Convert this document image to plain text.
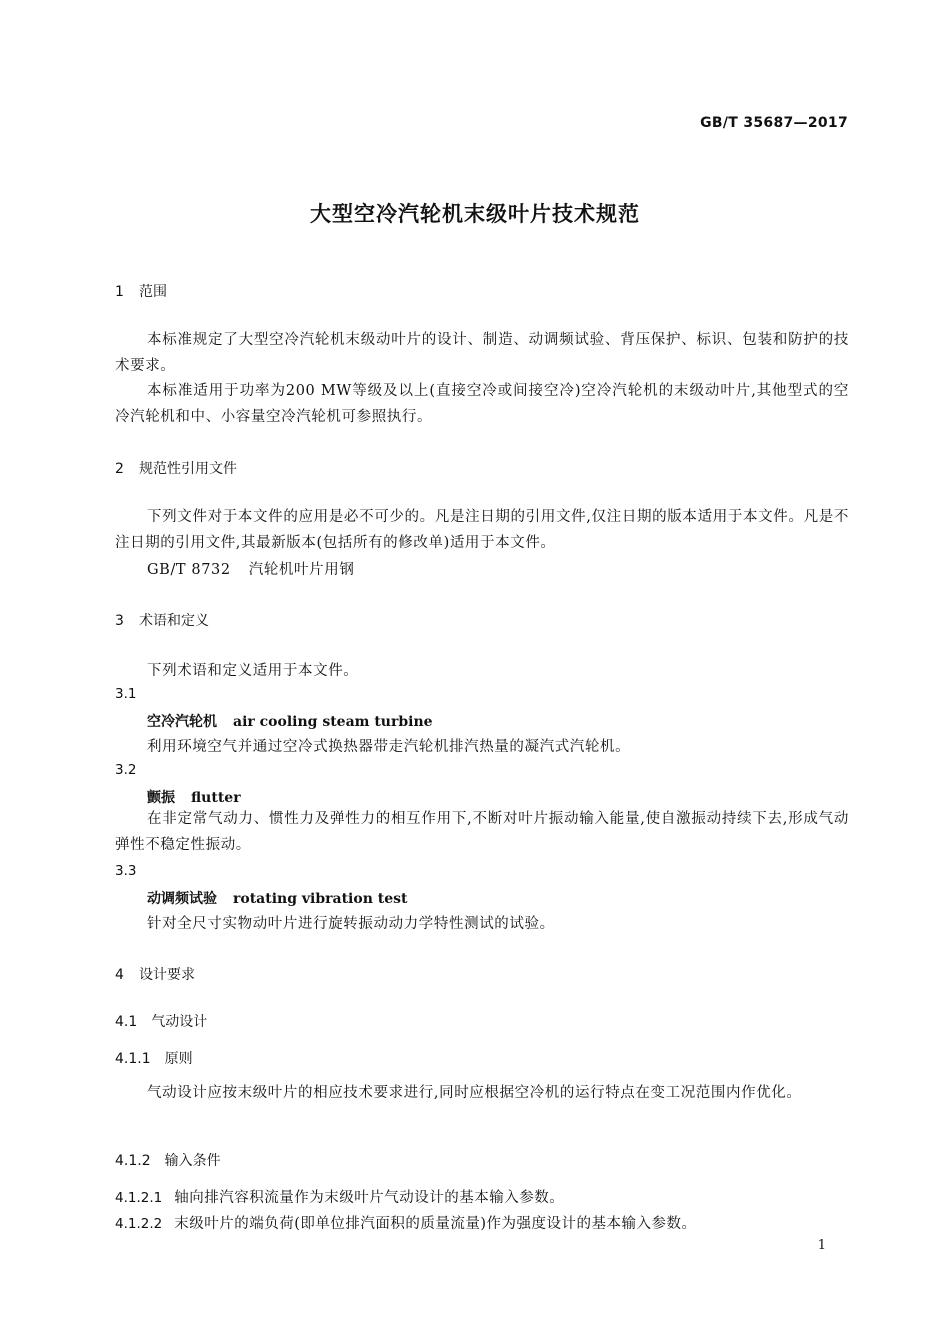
GB/T 35687—2017
大型空冷汽轮机末级叶片技术规范
1 范围
本标准规定了大型空冷汽轮机末级动叶片的设计、制造、动调频试验、背压保护、标识、包装和防护的技术要求。
本标准适用于功率为200 MW等级及以上(直接空冷或间接空冷)空冷汽轮机的末级动叶片,其他型式的空冷汽轮机和中、小容量空冷汽轮机可参照执行。
2 规范性引用文件
下列文件对于本文件的应用是必不可少的。凡是注日期的引用文件,仅注日期的版本适用于本文件。凡是不注日期的引用文件,其最新版本(包括所有的修改单)适用于本文件。
GB/T 8732 汽轮机叶片用钢
3 术语和定义
下列术语和定义适用于本文件。
3.1
空冷汽轮机 air cooling steam turbine
利用环境空气并通过空冷式换热器带走汽轮机排汽热量的凝汽式汽轮机。
3.2
颤振 flutter
在非定常气动力、惯性力及弹性力的相互作用下,不断对叶片振动输入能量,使自激振动持续下去,形成气动弹性不稳定性振动。
3.3
动调频试验 rotating vibration test
针对全尺寸实物动叶片进行旋转振动动力学特性测试的试验。
4 设计要求
4.1 气动设计
4.1.1 原则
气动设计应按末级叶片的相应技术要求进行,同时应根据空冷机的运行特点在变工况范围内作优化。
4.1.2 输入条件
4.1.2.1 轴向排汽容积流量作为末级叶片气动设计的基本输入参数。
4.1.2.2 末级叶片的端负荷(即单位排汽面积的质量流量)作为强度设计的基本输入参数。
1
